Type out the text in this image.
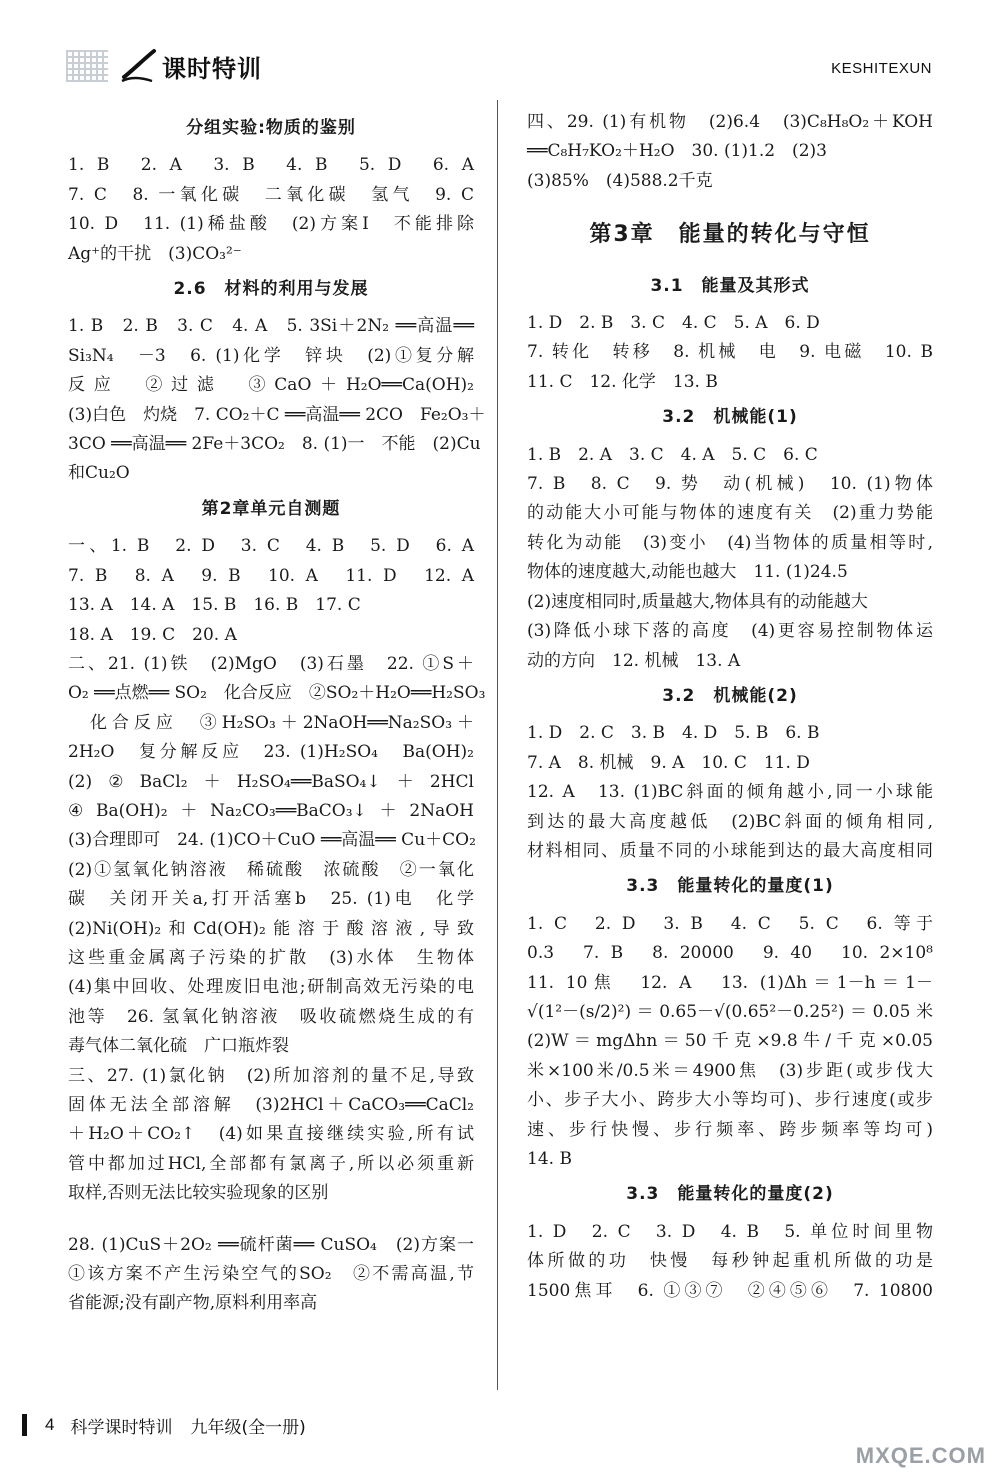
课时特训	KESHITEXUN
分组实验:物质的鉴别
1. B　2. A　3. B　4. B　5. D　6. A
7. C　8. 一氧化碳　二氧化碳　氢气　9. C
10. D　11. (1)稀盐酸　(2)方案Ⅰ　不能排除
Ag⁺的干扰　(3)CO₃²⁻
2.6　材料的利用与发展
1. B　2. B　3. C　4. A　5. 3Si＋2N₂ ══高温══
Si₃N₄　－3　6. (1)化学　锌块　(2)①复分解
反应　②过滤　③CaO＋H₂O══Ca(OH)₂
(3)白色　灼烧　7. CO₂＋C ══高温══ 2CO　Fe₂O₃＋
3CO ══高温══ 2Fe＋3CO₂　8. (1)一　不能　(2)Cu
和Cu₂O
第2章单元自测题
一、1. B　2. D　3. C　4. B　5. D　6. A
7. B　8. A　9. B　10. A　11. D　12. A
13. A　14. A　15. B　16. B　17. C
18. A　19. C　20. A
二、21. (1)铁　(2)MgO　(3)石墨　22. ①S＋
O₂ ══点燃══ SO₂　化合反应　②SO₂＋H₂O══H₂SO₃
　化合反应　③H₂SO₃＋2NaOH══Na₂SO₃＋
2H₂O　复分解反应　23. (1)H₂SO₄　Ba(OH)₂
(2)②BaCl₂＋H₂SO₄══BaSO₄↓＋2HCl
④Ba(OH)₂＋Na₂CO₃══BaCO₃↓＋2NaOH
(3)合理即可　24. (1)CO＋CuO ══高温══ Cu＋CO₂
(2)①氢氧化钠溶液　稀硫酸　浓硫酸　②一氧化
碳　关闭开关a,打开活塞b　25. (1)电　化学
(2)Ni(OH)₂和Cd(OH)₂能溶于酸溶液,导致
这些重金属离子污染的扩散　(3)水体　生物体
(4)集中回收、处理废旧电池;研制高效无污染的电
池等　26. 氢氧化钠溶液　吸收硫燃烧生成的有
毒气体二氧化硫　广口瓶炸裂
三、27. (1)氯化钠　(2)所加溶剂的量不足,导致
固体无法全部溶解　(3)2HCl＋CaCO₃══CaCl₂
＋H₂O＋CO₂↑　(4)如果直接继续实验,所有试
管中都加过HCl,全部都有氯离子,所以必须重新
取样,否则无法比较实验现象的区别
28. (1)CuS＋2O₂ ══硫杆菌══ CuSO₄　(2)方案一
①该方案不产生污染空气的SO₂　②不需高温,节
省能源;没有副产物,原料利用率高
四、29. (1)有机物　(2)6.4　(3)C₈H₈O₂＋KOH
══C₈H₇KO₂＋H₂O　30. (1)1.2　(2)3
(3)85%　(4)588.2千克
第3章　能量的转化与守恒
3.1　能量及其形式
1. D　2. B　3. C　4. C　5. A　6. D
7. 转化　转移　8. 机械　电　9. 电磁　10. B
11. C　12. 化学　13. B
3.2　机械能(1)
1. B　2. A　3. C　4. A　5. C　6. C
7. B　8. C　9. 势　动(机械)　10. (1)物体
的动能大小可能与物体的速度有关　(2)重力势能
转化为动能　(3)变小　(4)当物体的质量相等时,
物体的速度越大,动能也越大　11. (1)24.5
(2)速度相同时,质量越大,物体具有的动能越大
(3)降低小球下落的高度　(4)更容易控制物体运
动的方向　12. 机械　13. A
3.2　机械能(2)
1. D　2. C　3. B　4. D　5. B　6. B
7. A　8. 机械　9. A　10. C　11. D
12. A　13. (1)BC斜面的倾角越小,同一小球能
到达的最大高度越低　(2)BC斜面的倾角相同,
材料相同、质量不同的小球能到达的最大高度相同
3.3　能量转化的量度(1)
1. C　2. D　3. B　4. C　5. C　6. 等于
0.3　7. B　8. 20000　9. 40　10. 2×10⁸
11. 10焦　12. A　13. (1)Δh＝1－h＝1－
√(1²－(s/2)²)＝0.65－√(0.65²－0.25²)＝0.05米
(2)W＝mgΔhn＝50千克×9.8牛/千克×0.05
米×100米/0.5米＝4900焦　(3)步距(或步伐大
小、步子大小、跨步大小等均可)、步行速度(或步
速、步行快慢、步行频率、跨步频率等均可)
14. B
3.3　能量转化的量度(2)
1. D　2. C　3. D　4. B　5. 单位时间里物
体所做的功　快慢　每秒钟起重机所做的功是
1500焦耳　6. ①③⑦　②④⑤⑥　7. 10800
4 科学课时特训 九年级(全一册)
MXQE.COM
